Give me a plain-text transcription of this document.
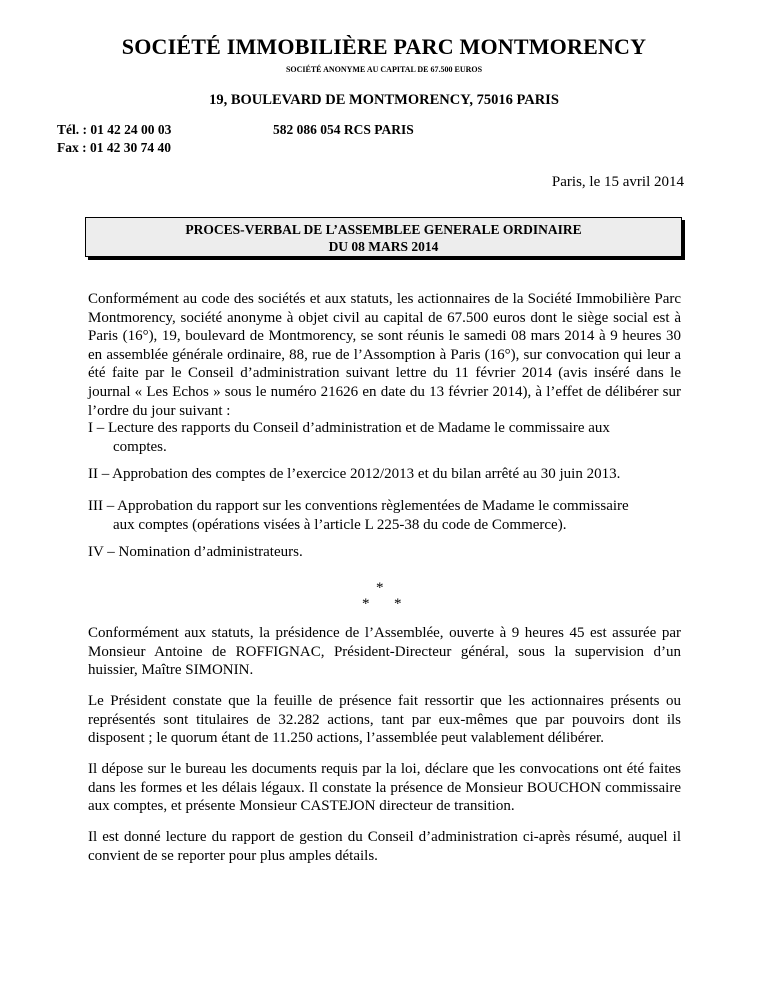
SOCIÉTÉ IMMOBILIÈRE PARC MONTMORENCY
SOCIÉTÉ ANONYME AU CAPITAL DE 67.500 EUROS
19, BOULEVARD DE MONTMORENCY, 75016 PARIS
Tél. : 01 42 24 00 03
Fax : 01 42 30 74 40
582 086 054 RCS PARIS
Paris, le 15 avril 2014
PROCES-VERBAL DE L’ASSEMBLEE GENERALE ORDINAIRE
DU 08 MARS 2014

Conformément au code des sociétés et aux statuts, les actionnaires de la Société Immobilière Parc Montmorency, société anonyme à objet civil au capital de 67.500 euros dont le siège social est à Paris (16°), 19, boulevard de Montmorency, se sont réunis le samedi 08 mars 2014 à 9 heures 30 en assemblée générale ordinaire, 88, rue de l’Assomption à Paris (16°), sur convocation qui leur a été faite par le Conseil d’administration suivant lettre du 11 février 2014 (avis inséré dans le journal « Les Echos » sous le numéro 21626 en date du 13 février 2014), à l’effet de délibérer sur l’ordre du jour suivant :

I – Lecture des rapports du Conseil d’administration et de Madame le commissaire aux
comptes.
II – Approbation des comptes de l’exercice 2012/2013 et du bilan arrêté au 30 juin 2013.
III – Approbation du rapport sur les conventions règlementées de Madame le commissaire
aux comptes (opérations visées à l’article L 225-38 du code de Commerce).
IV – Nomination d’administrateurs.
*
* *

Conformément aux statuts, la présidence de l’Assemblée, ouverte à 9 heures 45 est assurée par Monsieur Antoine de ROFFIGNAC, Président-Directeur général, sous la supervision d’un huissier, Maître SIMONIN.

Le Président constate que la feuille de présence fait ressortir que les actionnaires présents ou représentés sont titulaires de 32.282 actions, tant par eux-mêmes que par pouvoirs dont ils disposent ; le quorum étant de 11.250 actions, l’assemblée peut valablement délibérer.

Il dépose sur le bureau les documents requis par la loi, déclare que les convocations ont été faites dans les formes et les délais légaux. Il constate la présence de Monsieur BOUCHON commissaire aux comptes, et présente Monsieur CASTEJON directeur de transition.

Il est donné lecture du rapport de gestion du Conseil d’administration ci-après résumé, auquel il convient de se reporter pour plus amples détails.
